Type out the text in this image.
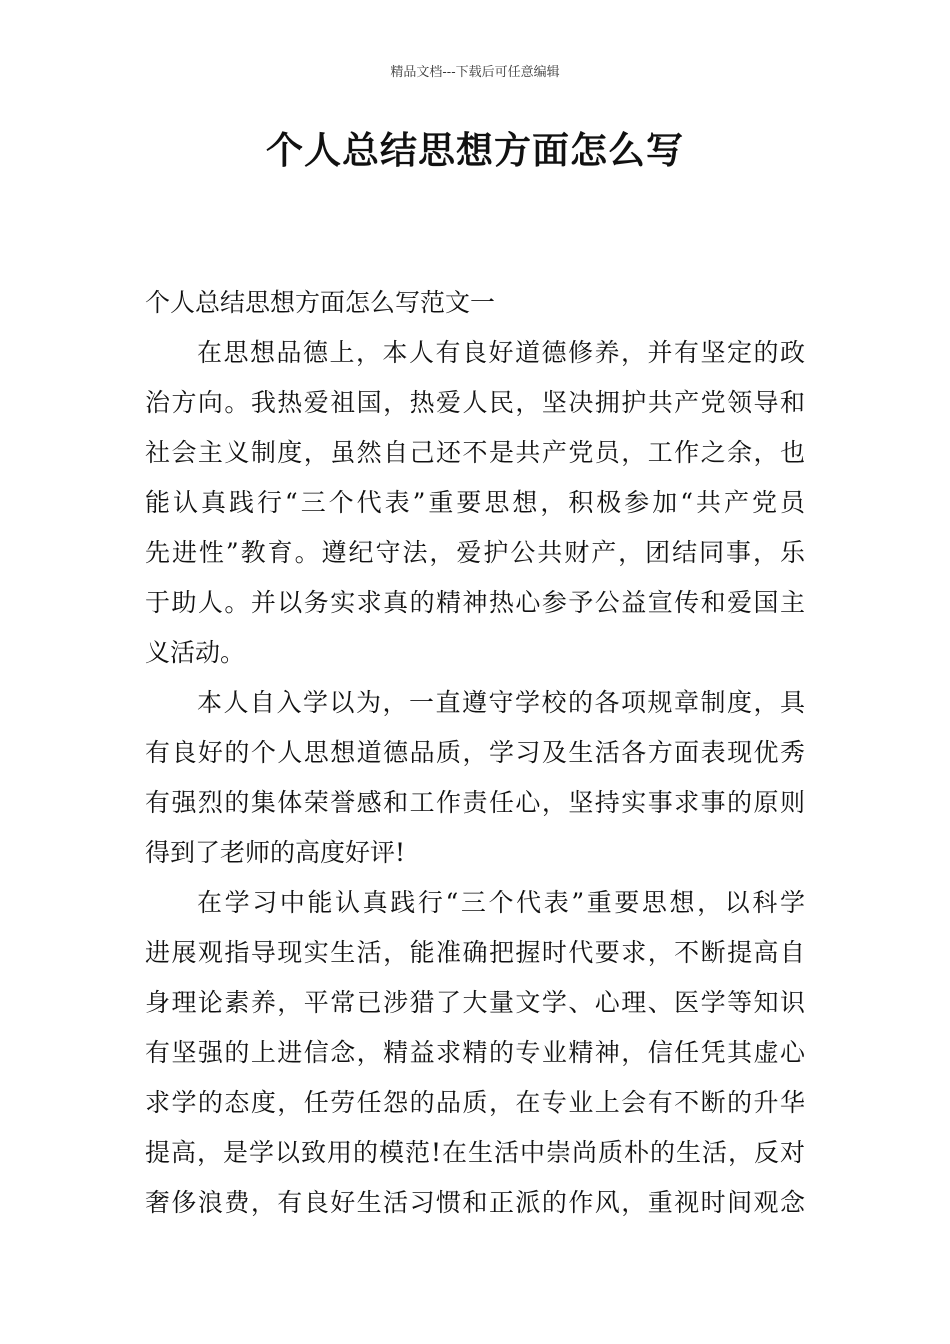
精品文档---下载后可任意编辑
个人总结思想方面怎么写
个人总结思想方面怎么写范文一
在思想品德上，本人有良好道德修养，并有坚定的政
治方向。我热爱祖国，热爱人民，坚决拥护共产党领导和
社会主义制度，虽然自己还不是共产党员，工作之余，也
能认真践行“三个代表”重要思想，积极参加“共产党员
先进性”教育。遵纪守法，爱护公共财产，团结同事，乐
于助人。并以务实求真的精神热心参予公益宣传和爱国主
义活动。
本人自入学以为，一直遵守学校的各项规章制度，具
有良好的个人思想道德品质，学习及生活各方面表现优秀
有强烈的集体荣誉感和工作责任心，坚持实事求事的原则
得到了老师的高度好评!
在学习中能认真践行“三个代表”重要思想，以科学
进展观指导现实生活，能准确把握时代要求，不断提高自
身理论素养，平常已涉猎了大量文学、心理、医学等知识
有坚强的上进信念，精益求精的专业精神，信任凭其虚心
求学的态度，任劳任怨的品质，在专业上会有不断的升华
提高，是学以致用的模范!在生活中崇尚质朴的生活，反对
奢侈浪费，有良好生活习惯和正派的作风，重视时间观念
